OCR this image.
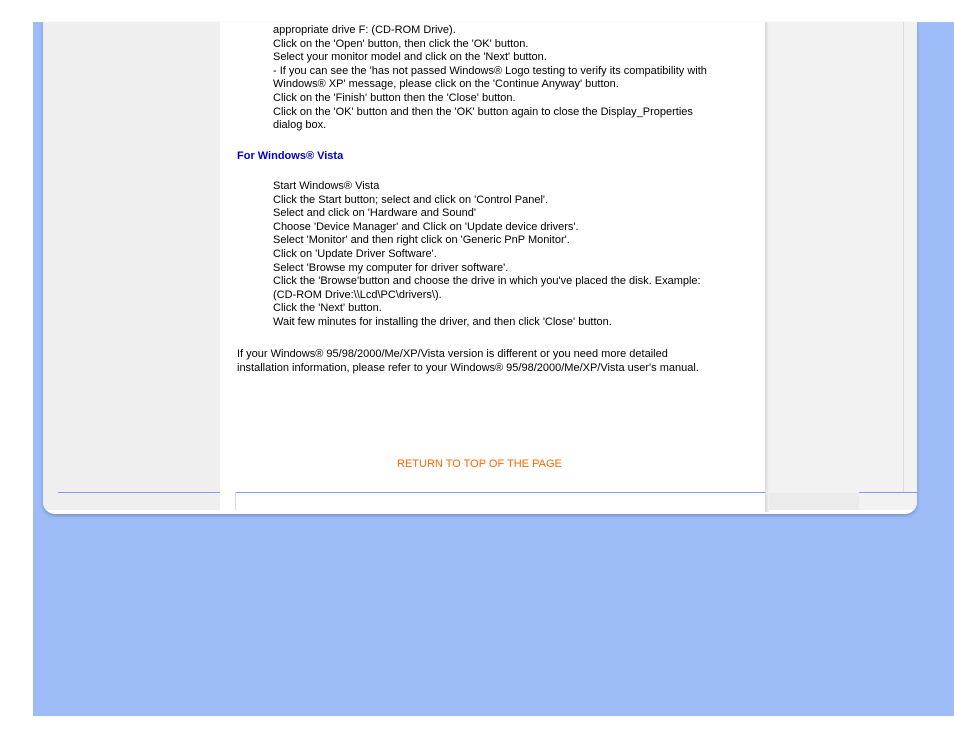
appropriate drive F: (CD-ROM Drive).
Click on the 'Open' button, then click the 'OK' button.
Select your monitor model and click on the 'Next' button.
- If you can see the 'has not passed Windows® Logo testing to verify its compatibility with
Windows® XP' message, please click on the 'Continue Anyway' button.
Click on the 'Finish' button then the 'Close' button.
Click on the 'OK' button and then the 'OK' button again to close the Display_Properties
dialog box.
For Windows® Vista
Start Windows® Vista
Click the Start button; select and click on 'Control Panel'.
Select and click on 'Hardware and Sound'
Choose 'Device Manager' and Click on 'Update device drivers'.
Select 'Monitor' and then right click on 'Generic PnP Monitor'.
Click on 'Update Driver Software'.
Select 'Browse my computer for driver software'.
Click the 'Browse'button and choose the drive in which you've placed the disk. Example:
(CD-ROM Drive:\\Lcd\PC\drivers\).
Click the 'Next' button.
Wait few minutes for installing the driver, and then click 'Close' button.
If your Windows® 95/98/2000/Me/XP/Vista version is different or you need more detailed
installation information, please refer to your Windows® 95/98/2000/Me/XP/Vista user's manual.
RETURN TO TOP OF THE PAGE
